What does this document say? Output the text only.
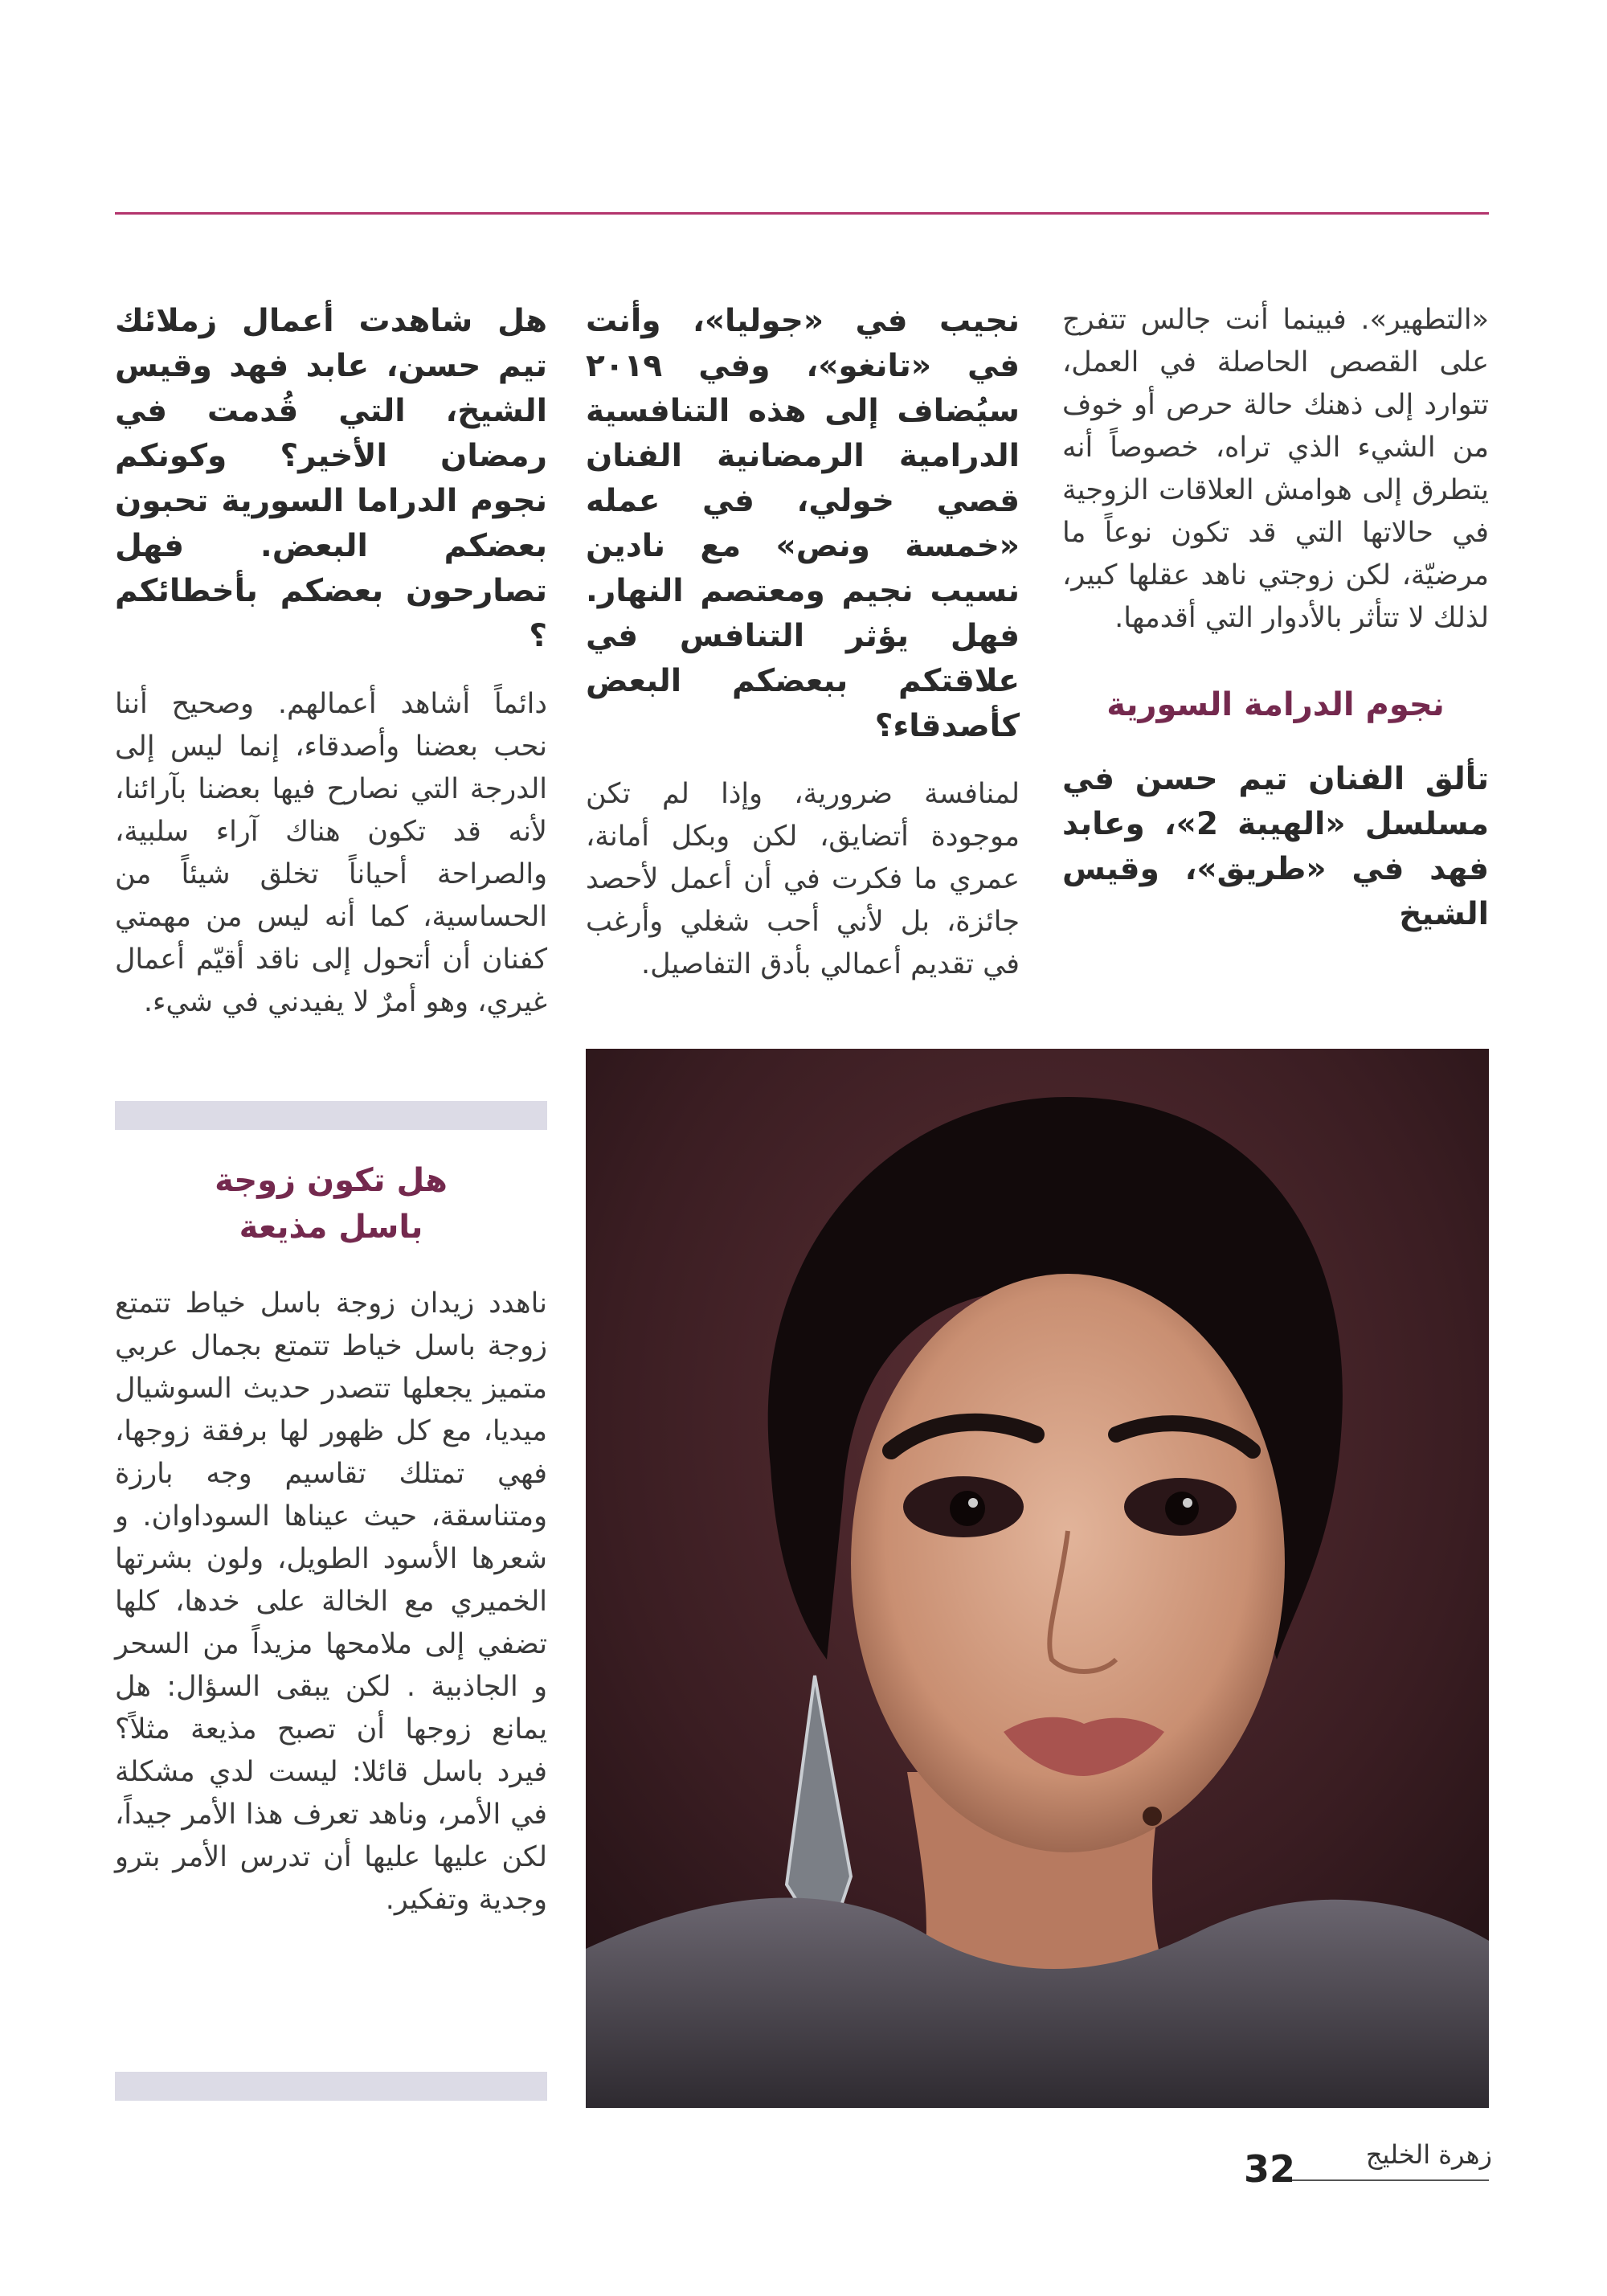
«التطهير». فبينما أنت جالس تتفرج على القصص الحاصلة في العمل، تتوارد إلى ذهنك حالة حرص أو خوف من الشيء الذي تراه، خصوصاً أنه يتطرق إلى هوامش العلاقات الزوجية في حالاتها التي قد تكون نوعاً ما مرضيّة، لكن زوجتي ناهد عقلها كبير، لذلك لا تتأثر بالأدوار التي أقدمها.

نجوم الدرامة السورية

تألق الفنان تيم حسن في مسلسل «الهيبة 2»، وعابد فهد في «طريق»، وقيس الشيخ

نجيب في «جوليا»، وأنت في «تانغو»، وفي ٢٠١٩ سيُضاف إلى هذه التنافسية الدرامية الرمضانية الفنان قصي خولي، في عمله «خمسة ونص» مع نادين نسيب نجيم ومعتصم النهار. فهل يؤثر التنافس في علاقتكم ببعضكم البعض كأصدقاء؟

لمنافسة ضرورية، وإذا لم تكن موجودة أتضايق، لكن وبكل أمانة، عمري ما فكرت في أن أعمل لأحصد جائزة، بل لأني أحب شغلي وأرغب في تقديم أعمالي بأدق التفاصيل.

هل شاهدت أعمال زملائك تيم حسن، عابد فهد وقيس الشيخ، التي قُدمت في رمضان الأخير؟ وكونكم نجوم الدراما السورية تحبون بعضكم البعض. فهل تصارحون بعضكم بأخطائكم ؟

دائماً أشاهد أعمالهم. وصحيح أننا نحب بعضنا وأصدقاء، إنما ليس إلى الدرجة التي نصارح فيها بعضنا بآرائنا، لأنه قد تكون هناك آراء سلبية، والصراحة أحياناً تخلق شيئاً من الحساسية، كما أنه ليس من مهمتي كفنان أن أتحول إلى ناقد أقيّم أعمال غيري، وهو أمرٌ لا يفيدني في شيء.

هل تكون زوجة
باسل مذيعة

ناهدد زيدان زوجة باسل خياط تتمتع زوجة باسل خياط تتمتع بجمال عربي متميز يجعلها تتصدر حديث السوشيال ميديا، مع كل ظهور لها برفقة زوجها، فهي تمتلك تقاسيم وجه بارزة ومتناسقة، حيث عيناها السوداوان. و شعرها الأسود الطويل، ولون بشرتها الخميري مع الخالة على خدها، كلها تضفي إلى ملامحها مزيداً من السحر و الجاذبية . لكن يبقى السؤال: هل يمانع زوجها أن تصبح مذيعة مثلاً؟ فيرد باسل قائلا: ليست لدي مشكلة في الأمر، وناهد تعرف هذا الأمر جيداً، لكن عليها عليها أن تدرس الأمر بترو وجدية وتفكير.

زهرة الخليج
32
